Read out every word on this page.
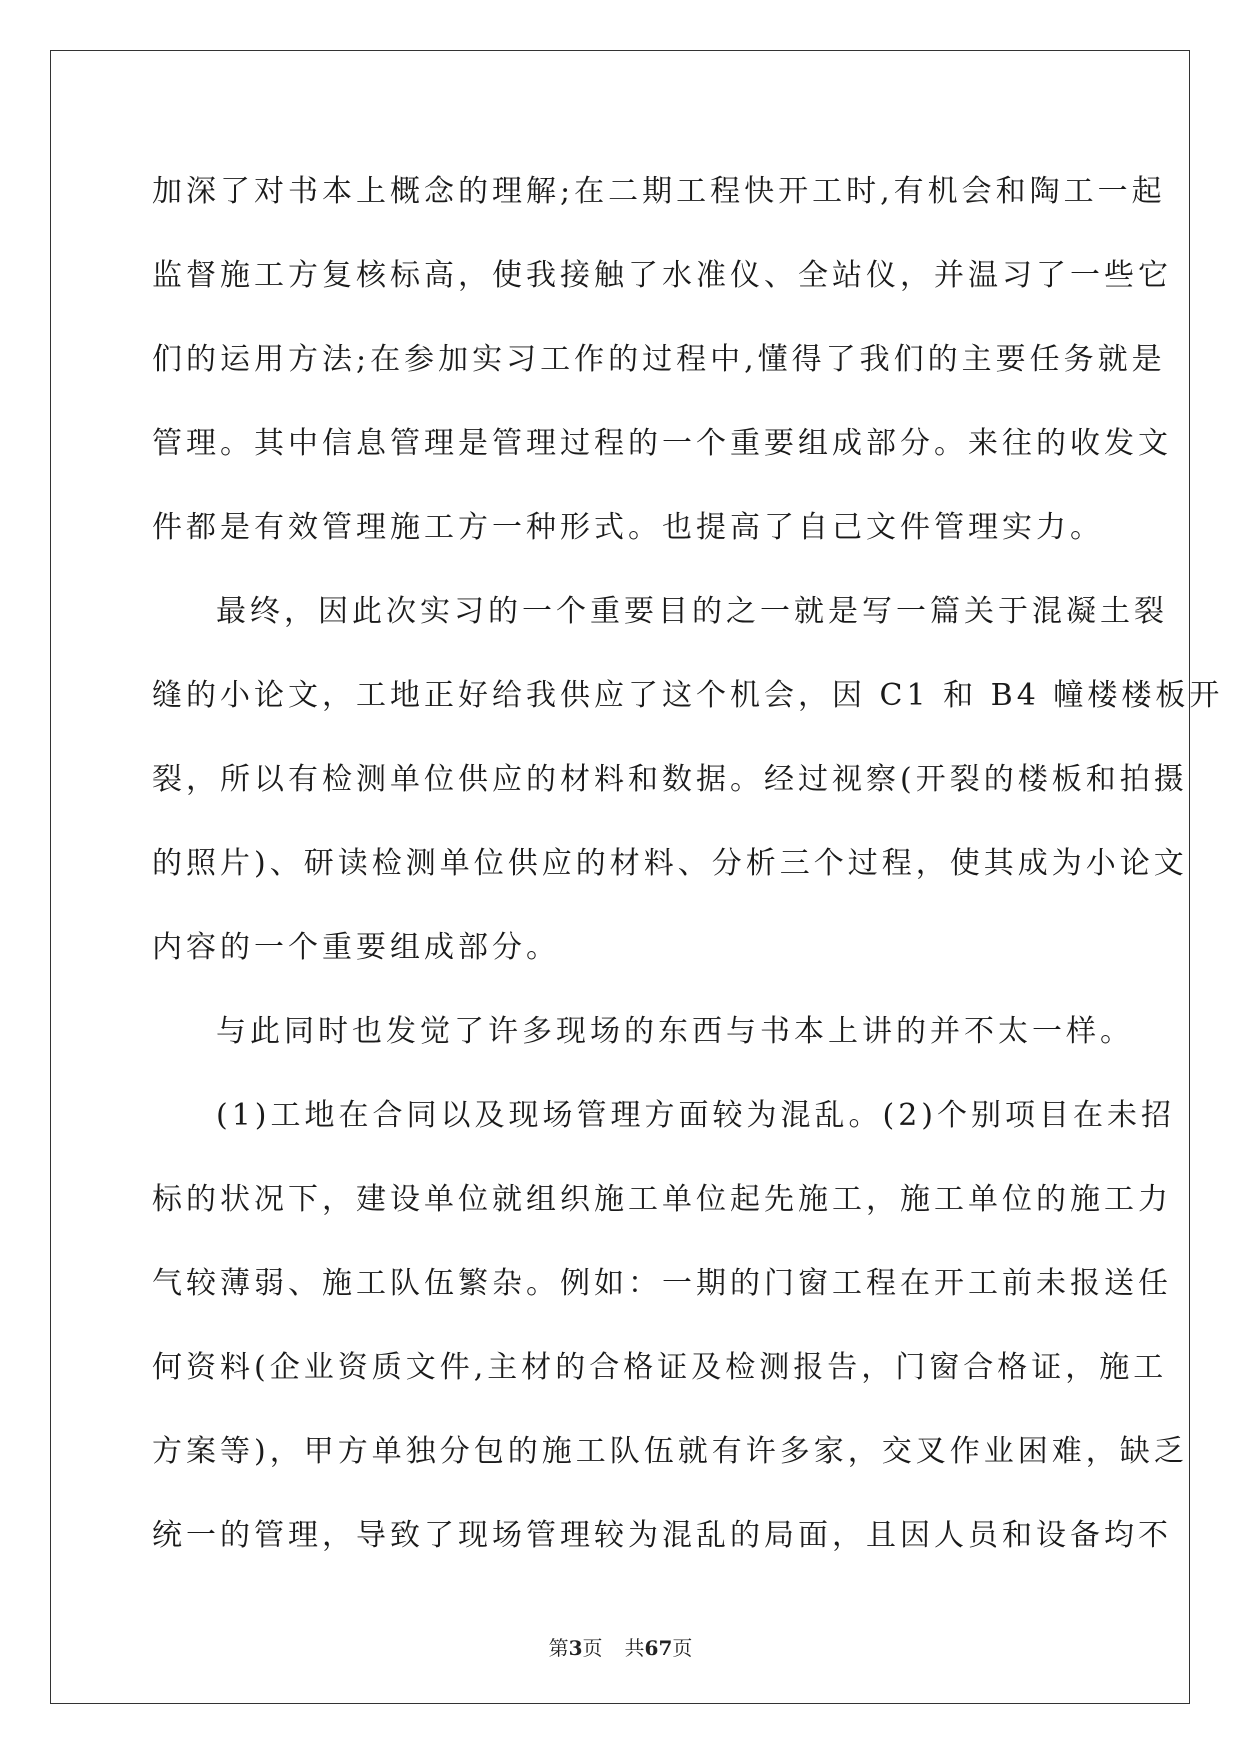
加深了对书本上概念的理解;在二期工程快开工时,有机会和陶工一起
监督施工方复核标高，使我接触了水准仪、全站仪，并温习了一些它
们的运用方法;在参加实习工作的过程中,懂得了我们的主要任务就是
管理。其中信息管理是管理过程的一个重要组成部分。来往的收发文
件都是有效管理施工方一种形式。也提高了自己文件管理实力。
最终，因此次实习的一个重要目的之一就是写一篇关于混凝土裂
缝的小论文，工地正好给我供应了这个机会，因 C1 和 B4 幢楼楼板开
裂，所以有检测单位供应的材料和数据。经过视察(开裂的楼板和拍摄
的照片)、研读检测单位供应的材料、分析三个过程，使其成为小论文
内容的一个重要组成部分。
与此同时也发觉了许多现场的东西与书本上讲的并不太一样。
(1)工地在合同以及现场管理方面较为混乱。(2)个别项目在未招
标的状况下，建设单位就组织施工单位起先施工，施工单位的施工力
气较薄弱、施工队伍繁杂。例如：一期的门窗工程在开工前未报送任
何资料(企业资质文件,主材的合格证及检测报告，门窗合格证，施工
方案等)，甲方单独分包的施工队伍就有许多家，交叉作业困难，缺乏
统一的管理，导致了现场管理较为混乱的局面，且因人员和设备均不
第3页 共67页
